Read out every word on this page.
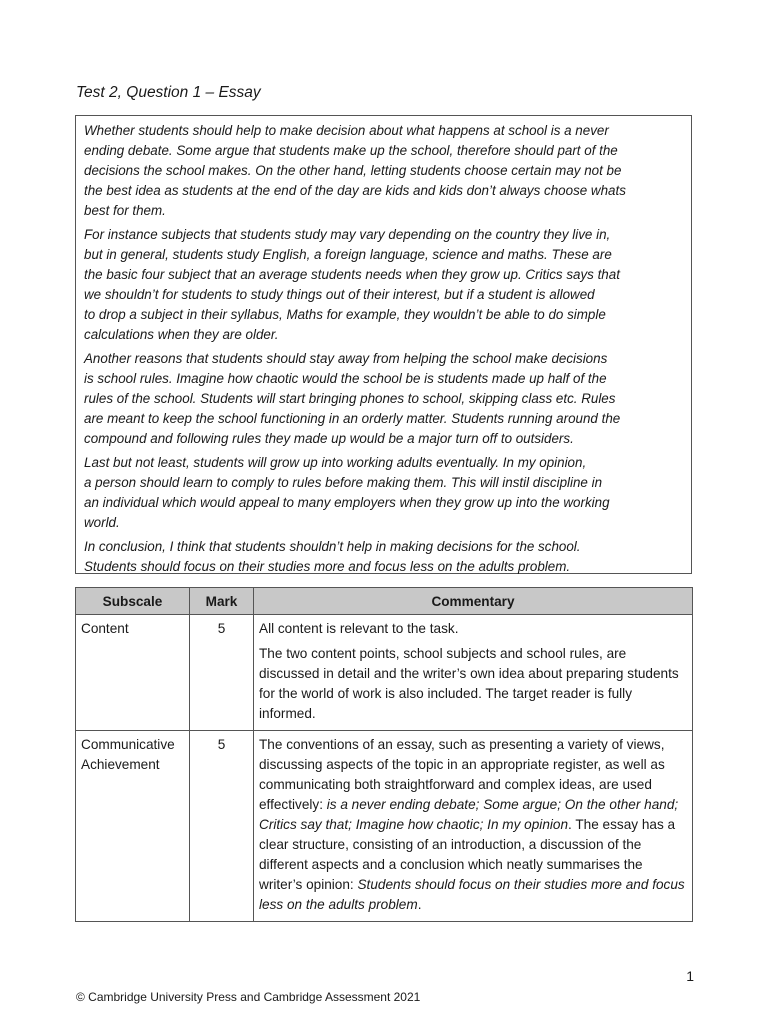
Test 2, Question 1 – Essay

Whether students should help to make decision about what happens at school is a never
ending debate. Some argue that students make up the school, therefore should part of the
decisions the school makes. On the other hand, letting students choose certain may not be
the best idea as students at the end of the day are kids and kids don’t always choose whats
best for them.

For instance subjects that students study may vary depending on the country they live in,
but in general, students study English, a foreign language, science and maths. These are
the basic four subject that an average students needs when they grow up. Critics says that
we shouldn’t for students to study things out of their interest, but if a student is allowed
to drop a subject in their syllabus, Maths for example, they wouldn’t be able to do simple
calculations when they are older.

Another reasons that students should stay away from helping the school make decisions
is school rules. Imagine how chaotic would the school be is students made up half of the
rules of the school. Students will start bringing phones to school, skipping class etc. Rules
are meant to keep the school functioning in an orderly matter. Students running around the
compound and following rules they made up would be a major turn off to outsiders.

Last but not least, students will grow up into working adults eventually. In my opinion,
a person should learn to comply to rules before making them. This will instil discipline in
an individual which would appeal to many employers when they grow up into the working
world.

In conclusion, I think that students shouldn’t help in making decisions for the school.
Students should focus on their studies more and focus less on the adults problem.

Subscale	Mark	Commentary
Content	5	All content is relevant to the task.

The two content points, school subjects and school rules, are discussed in detail and the writer’s own idea about preparing students for the world of work is also included. The target reader is fully informed.

Communicative Achievement	5	The conventions of an essay, such as presenting a variety of views, discussing aspects of the topic in an appropriate register, as well as communicating both straightforward and complex ideas, are used effectively: is a never ending debate; Some argue; On the other hand; Critics say that; Imagine how chaotic; In my opinion. The essay has a clear structure, consisting of an introduction, a discussion of the different aspects and a conclusion which neatly summarises the writer’s opinion: Students should focus on their studies more and focus less on the adults problem.

1
© Cambridge University Press and Cambridge Assessment 2021
